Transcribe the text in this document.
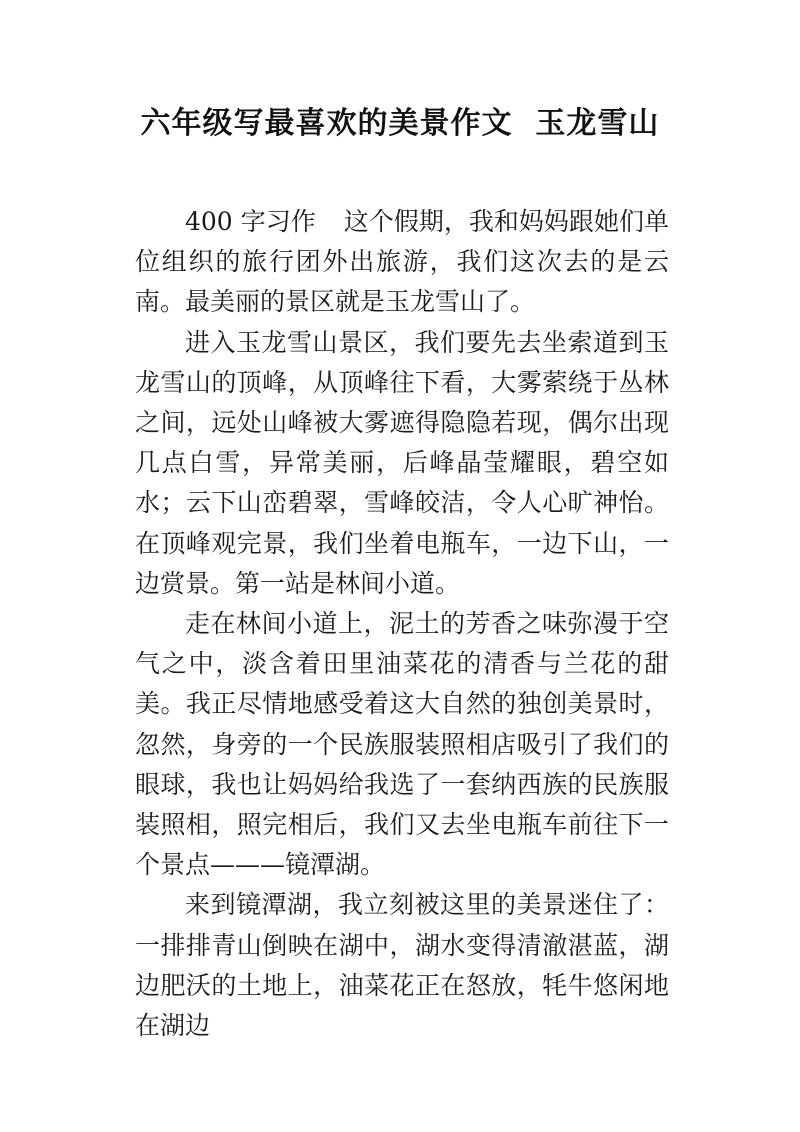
六年级写最喜欢的美景作文  玉龙雪山

400 字习作 这个假期，我和妈妈跟她们单位组织的旅行团外出旅游，我们这次去的是云南。最美丽的景区就是玉龙雪山了。

进入玉龙雪山景区，我们要先去坐索道到玉龙雪山的顶峰，从顶峰往下看，大雾萦绕于丛林之间，远处山峰被大雾遮得隐隐若现，偶尔出现几点白雪，异常美丽，后峰晶莹耀眼，碧空如水；云下山峦碧翠，雪峰皎洁，令人心旷神怡。在顶峰观完景，我们坐着电瓶车，一边下山，一边赏景。第一站是林间小道。

走在林间小道上，泥土的芳香之味弥漫于空气之中，淡含着田里油菜花的清香与兰花的甜美。我正尽情地感受着这大自然的独创美景时，忽然，身旁的一个民族服装照相店吸引了我们的眼球，我也让妈妈给我选了一套纳西族的民族服装照相，照完相后，我们又去坐电瓶车前往下一个景点———镜潭湖。

来到镜潭湖，我立刻被这里的美景迷住了：一排排青山倒映在湖中，湖水变得清澈湛蓝，湖边肥沃的土地上，油菜花正在怒放，牦牛悠闲地在湖边
